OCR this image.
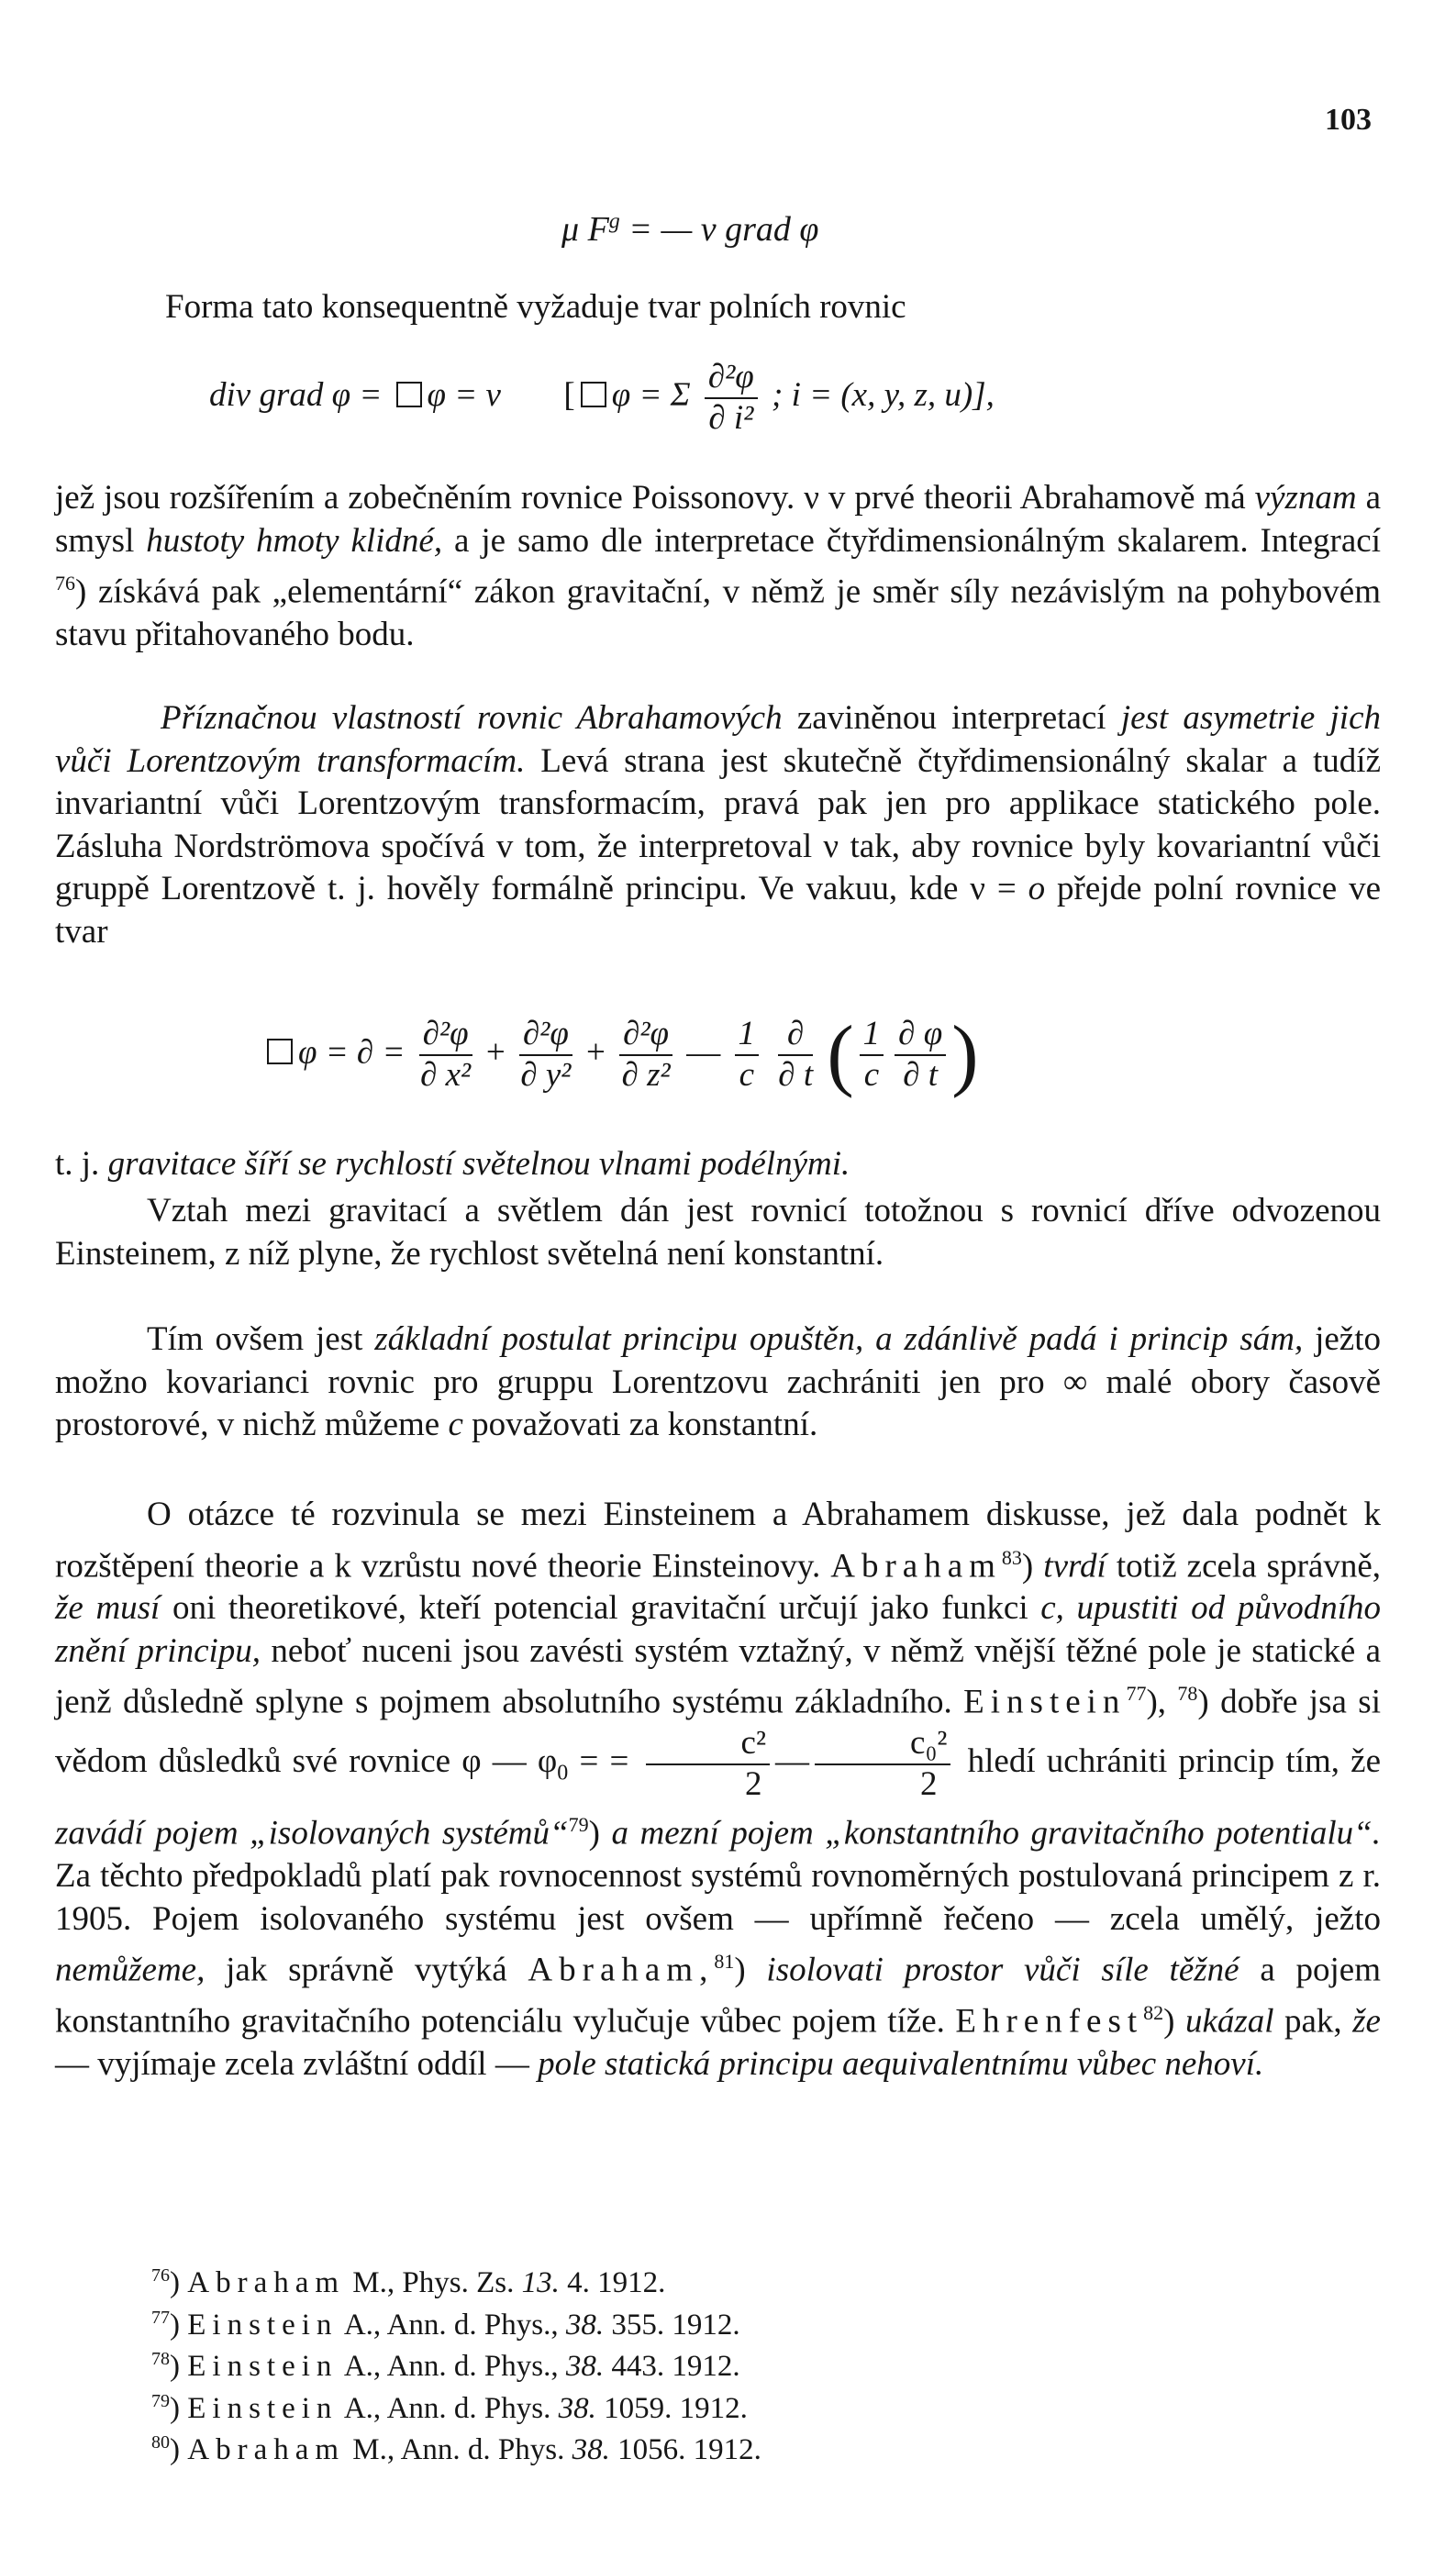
103
μ $F^g$ = — ν grad φ

Forma tato konsequentně vyžaduje tvar polních rovnic

div grad φ = φ = ν [ φ = Σ $\frac{\text{∂²φ}}{\text{∂ i²}}$ ; i = (x, y, z, u)],

jež jsou rozšířením a zobečněním rovnice Poissonovy. ν v prvé theorii Abrahamově má význam a smysl hustoty hmoty klidné, a je samo dle interpretace čtyřdimensionálným skalarem. Integrací $^{76}$) získává pak „elementární“ zákon gravitační, v němž je směr síly nezávislým na pohybovém stavu přitahovaného bodu.

Příznačnou vlastností rovnic Abrahamových zaviněnou interpretací jest asymetrie jich vůči Lorentzovým transformacím. Levá strana jest skutečně čtyřdimensionálný skalar a tudíž invariantní vůči Lorentzovým transformacím, pravá pak jen pro applikace statického pole. Zásluha Nordströmova spočívá v tom, že interpretoval ν tak, aby rovnice byly kovariantní vůči gruppě Lorentzově t. j. hověly formálně principu. Ve vakuu, kde ν = o přejde polní rovnice ve tvar

φ = ∂ = $\frac{\text{∂²φ}}{\text{∂ x²}} + \frac{\text{∂²φ}}{\text{∂ y²}} + \frac{\text{∂²φ}}{\text{∂ z²}}$ — $\frac{1}{c}$
$\frac{\partial}{\partial t}$ ( $\frac{1}{c} \frac{\partial \varphi}{\partial t}$ )

t. j. gravitace šíří se rychlostí světelnou vlnami podélnými.

Vztah mezi gravitací a světlem dán jest rovnicí totožnou s rovnicí dříve odvozenou Einsteinem, z níž plyne, že rychlost světelná není konstantní.

Tím ovšem jest základní postulat principu opuštěn, a zdánlivě padá i princip sám, ježto možno kovarianci rovnic pro gruppu Lorentzovu zachrániti jen pro ∞ malé obory časově prostorové, v nichž můžeme c považovati za konstantní.

O otázce té rozvinula se mezi Einsteinem a Abrahamem diskusse, jež dala podnět k rozštěpení theorie a k vzrůstu nové theorie Einsteinovy. Abraham$^{83}$) tvrdí totiž zcela správně, že musí oni theoretikové, kteří potencial gravitační určují jako funkci c, upustiti od původního znění principu, neboť nuceni jsou zavésti systém vztažný, v němž vnější těžné pole je statické a jenž důsledně splyne s pojmem absolutního systému základního. Einstein$^{77}$), $^{78}$) dobře jsa si vědom důsledků své rovnice φ — $\varphi_0$ = = $\frac{\text{c²}}{2}$ — $\frac{\text{c₀²}}{2}$ hledí uchrániti princip tím, že zavádí pojem „isolovaných systémů“$^{79}$) a mezní pojem „konstantního gravitačního potentialu“. Za těchto předpokladů platí pak rovnocennost systémů rovnoměrných postulovaná principem z r. 1905. Pojem isolovaného systému jest ovšem — upřímně řečeno — zcela umělý, ježto nemůžeme, jak správně vytýká Abraham,$^{81}$) isolovati prostor vůči síle těžné a pojem konstantního gravitačního potenciálu vylučuje vůbec pojem tíže. Ehrenfest$^{82}$) ukázal pak, že — vyjímaje zcela zvláštní oddíl — pole statická principu aequivalentnímu vůbec nehoví.

$^{76}$) Abraham M., Phys. Zs. 13. 4. 1912.
$^{77}$) Einstein A., Ann. d. Phys., 38. 355. 1912.
$^{78}$) Einstein A., Ann. d. Phys., 38. 443. 1912.
$^{79}$) Einstein A., Ann. d. Phys. 38. 1059. 1912.
$^{80}$) Abraham M., Ann. d. Phys. 38. 1056. 1912.
